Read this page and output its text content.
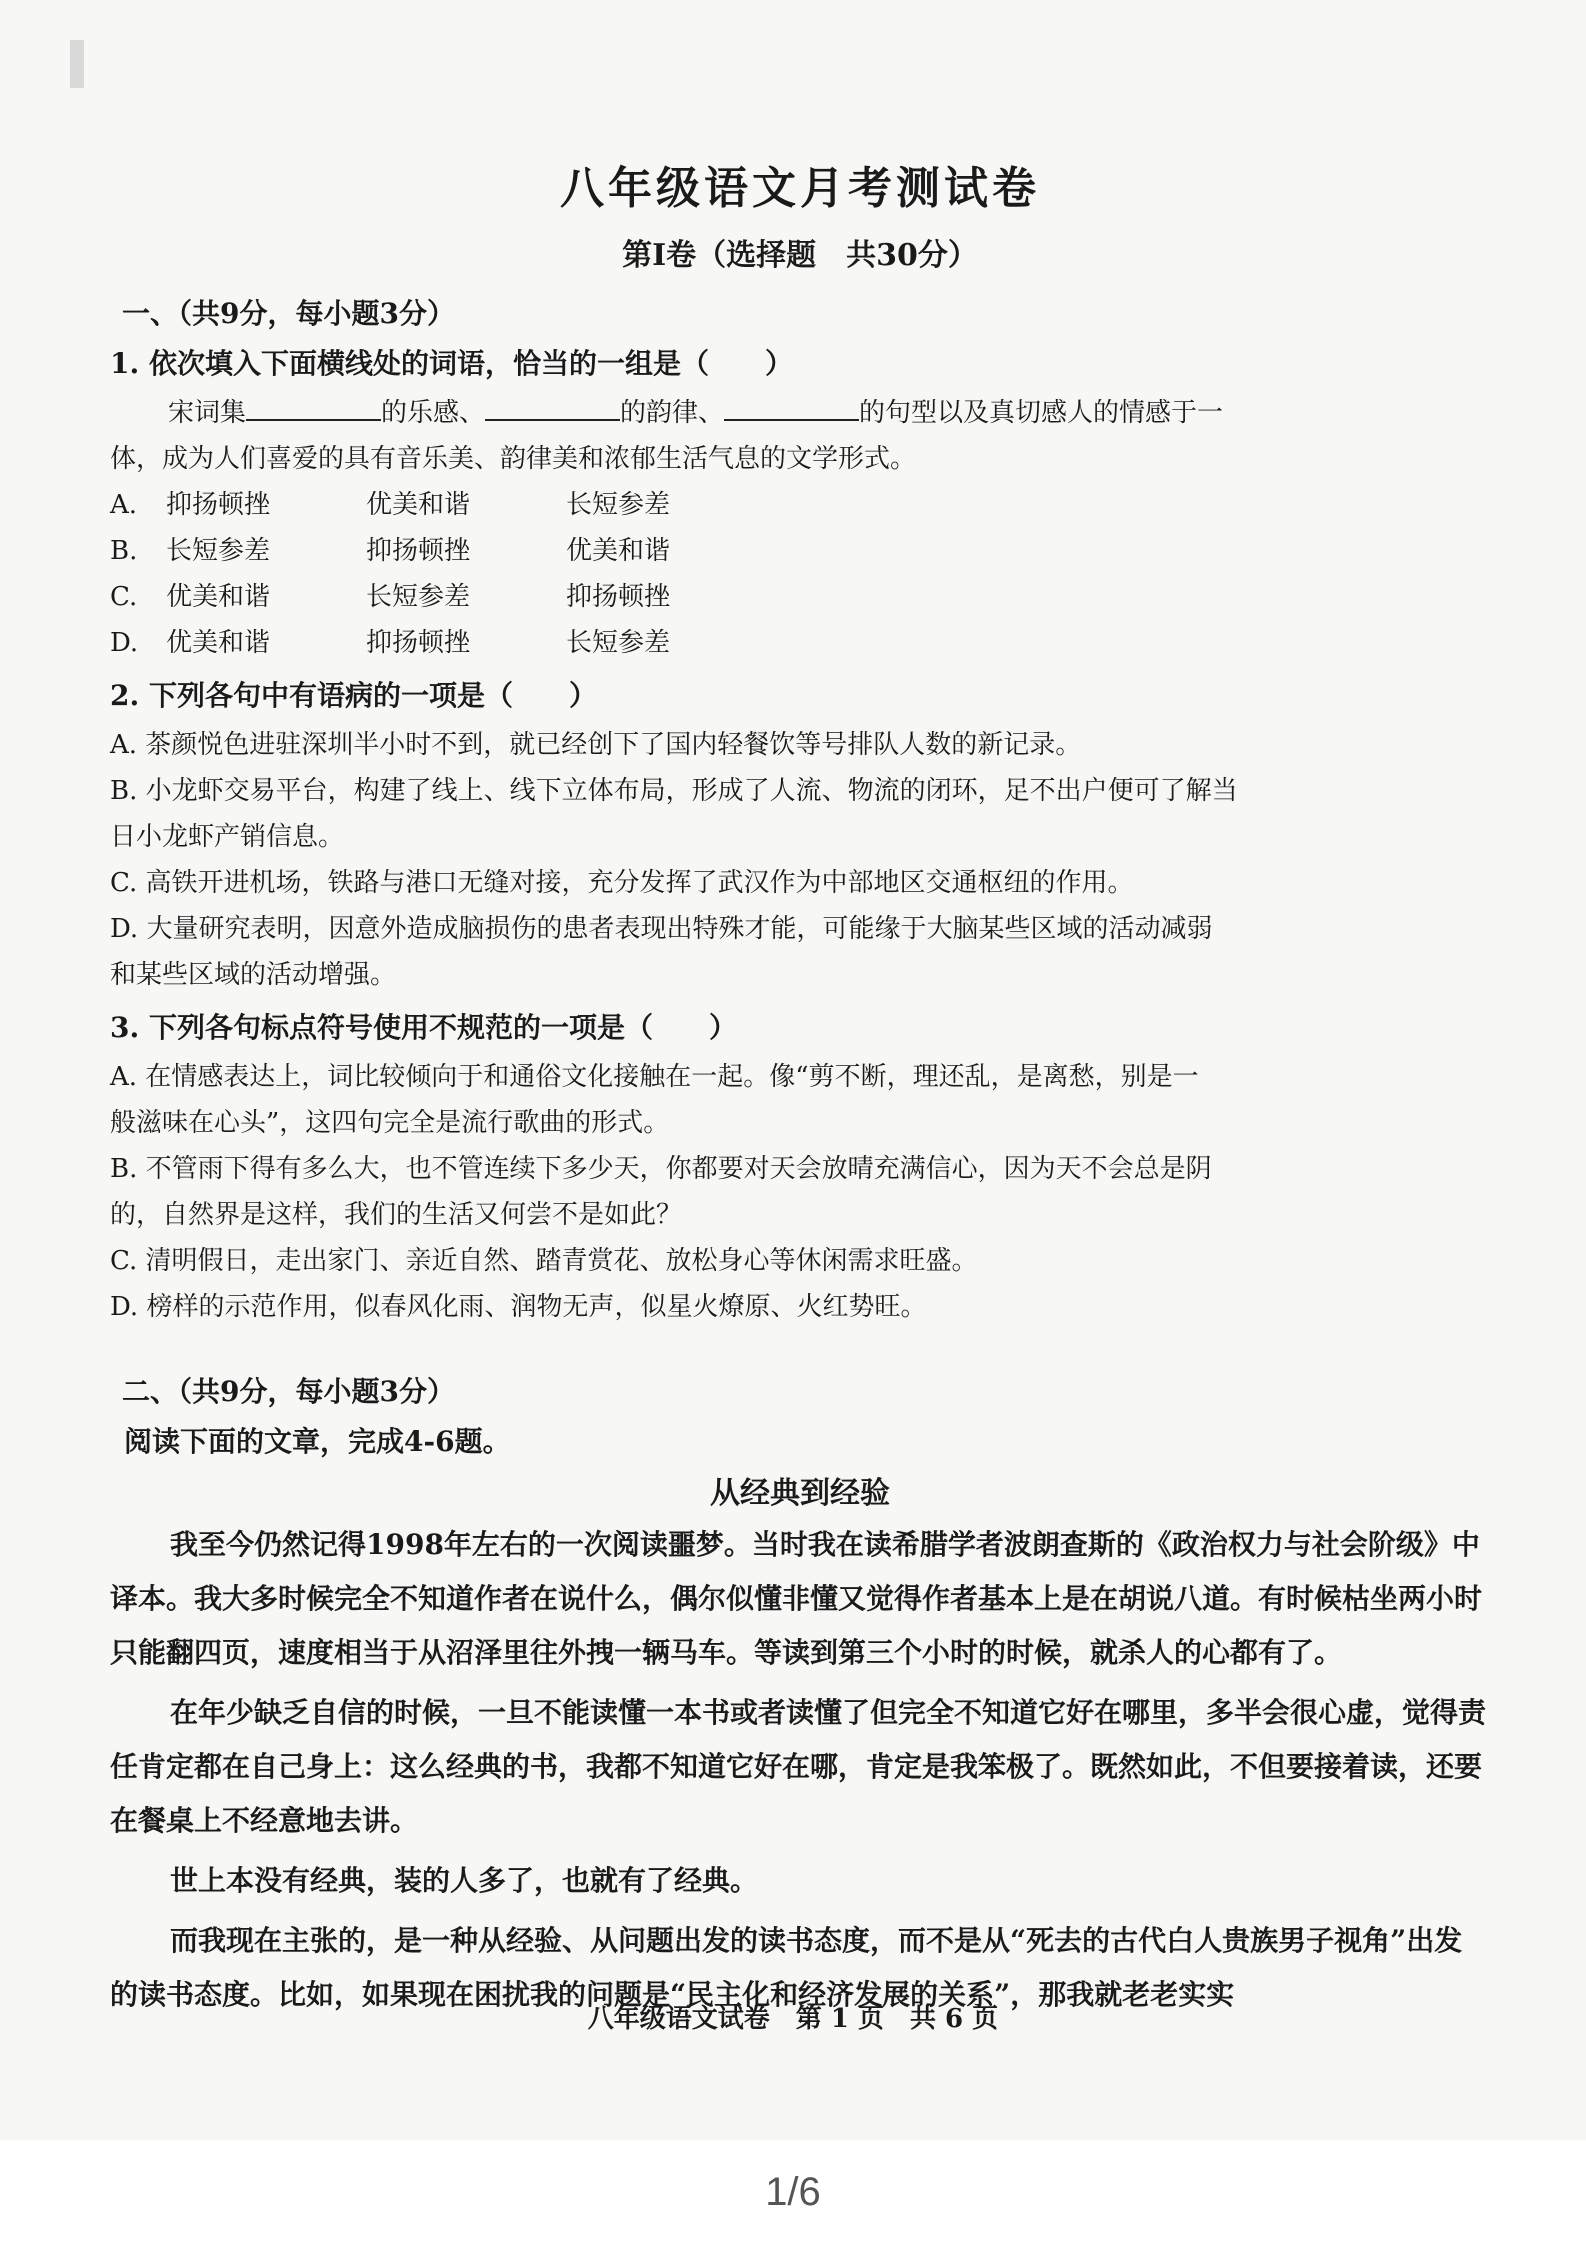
八年级语文月考测试卷
第Ⅰ卷（选择题　共30分）
一、（共9分，每小题3分）
1. 依次填入下面横线处的词语，恰当的一组是（　　）

宋词集	的乐感、	的韵律、	的句型以及真切感人的情感于一

体，成为人们喜爱的具有音乐美、韵律美和浓郁生活气息的文学形式。

A.	抑扬顿挫	优美和谐	长短参差
B.	长短参差	抑扬顿挫	优美和谐
C.	优美和谐	长短参差	抑扬顿挫
D.	优美和谐	抑扬顿挫	长短参差
2. 下列各句中有语病的一项是（　　）
A. 茶颜悦色进驻深圳半小时不到，就已经创下了国内轻餐饮等号排队人数的新记录。
B. 小龙虾交易平台，构建了线上、线下立体布局，形成了人流、物流的闭环，足不出户便可了解当
日小龙虾产销信息。
C. 高铁开进机场，铁路与港口无缝对接，充分发挥了武汉作为中部地区交通枢纽的作用。
D. 大量研究表明，因意外造成脑损伤的患者表现出特殊才能，可能缘于大脑某些区域的活动减弱
和某些区域的活动增强。
3. 下列各句标点符号使用不规范的一项是（　　）
A. 在情感表达上，词比较倾向于和通俗文化接触在一起。像“剪不断，理还乱，是离愁，别是一
般滋味在心头”，这四句完全是流行歌曲的形式。
B. 不管雨下得有多么大，也不管连续下多少天，你都要对天会放晴充满信心，因为天不会总是阴
的，自然界是这样，我们的生活又何尝不是如此？
C. 清明假日，走出家门、亲近自然、踏青赏花、放松身心等休闲需求旺盛。
D. 榜样的示范作用，似春风化雨、润物无声，似星火燎原、火红势旺。
二、（共9分，每小题3分）
阅读下面的文章，完成4-6题。
从经典到经验

我至今仍然记得1998年左右的一次阅读噩梦。当时我在读希腊学者波朗查斯的《政治权力与社会阶级》中译本。我大多时候完全不知道作者在说什么，偶尔似懂非懂又觉得作者基本上是在胡说八道。有时候枯坐两小时只能翻四页，速度相当于从沼泽里往外拽一辆马车。等读到第三个小时的时候，就杀人的心都有了。

在年少缺乏自信的时候，一旦不能读懂一本书或者读懂了但完全不知道它好在哪里，多半会很心虚，觉得责任肯定都在自己身上：这么经典的书，我都不知道它好在哪，肯定是我笨极了。既然如此，不但要接着读，还要在餐桌上不经意地去讲。

世上本没有经典，装的人多了，也就有了经典。

而我现在主张的，是一种从经验、从问题出发的读书态度，而不是从“死去的古代白人贵族男子视角”出发的读书态度。比如，如果现在困扰我的问题是“民主化和经济发展的关系”，那我就老老实实

八年级语文试卷　第 1 页　共 6 页
1/6
